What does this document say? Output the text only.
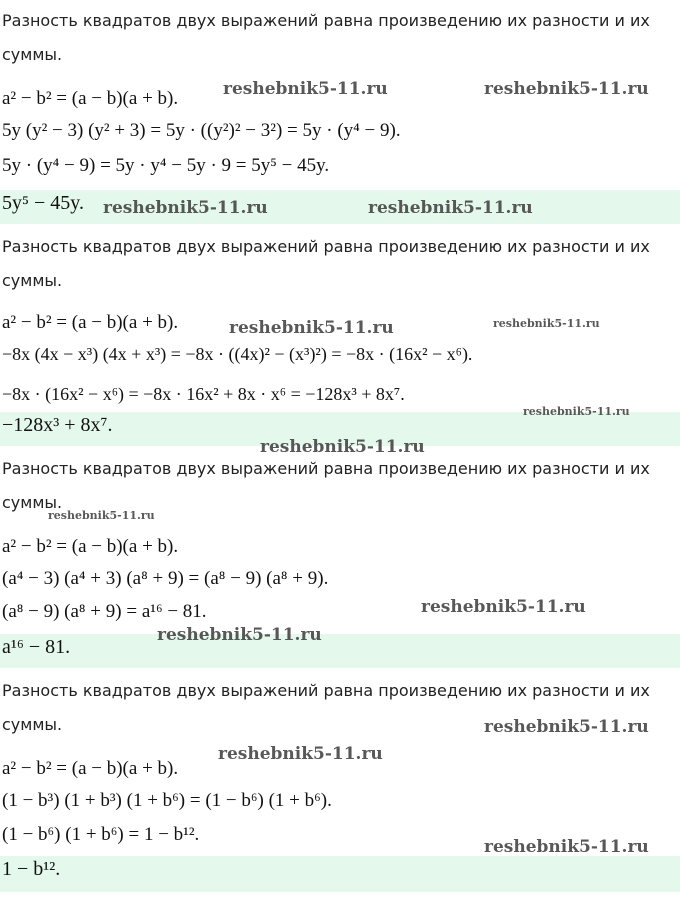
Разность квадратов двух выражений равна произведению их разности и их суммы.
a² − b² = (a − b)(a + b).
5y (y² − 3) (y² + 3) = 5y · ((y²)² − 3²) = 5y · (y⁴ − 9).
5y · (y⁴ − 9) = 5y · y⁴ − 5y · 9 = 5y⁵ − 45y.
5y⁵ − 45y.
Разность квадратов двух выражений равна произведению их разности и их суммы.
a² − b² = (a − b)(a + b).
−8x (4x − x³) (4x + x³) = −8x · ((4x)² − (x³)²) = −8x · (16x² − x⁶).
−8x · (16x² − x⁶) = −8x · 16x² + 8x · x⁶ = −128x³ + 8x⁷.
−128x³ + 8x⁷.
Разность квадратов двух выражений равна произведению их разности и их суммы.
a² − b² = (a − b)(a + b).
(a⁴ − 3) (a⁴ + 3) (a⁸ + 9) = (a⁸ − 9) (a⁸ + 9).
(a⁸ − 9) (a⁸ + 9) = a¹⁶ − 81.
a¹⁶ − 81.
Разность квадратов двух выражений равна произведению их разности и их суммы.
a² − b² = (a − b)(a + b).
(1 − b³) (1 + b³) (1 + b⁶) = (1 − b⁶) (1 + b⁶).
(1 − b⁶) (1 + b⁶) = 1 − b¹².
1 − b¹².
reshebnik5-11.ru	reshebnik5-11.ru
reshebnik5-11.ru	reshebnik5-11.ru
reshebnik5-11.ru	reshebnik5-11.ru
reshebnik5-11.ru
reshebnik5-11.ru
reshebnik5-11.ru
reshebnik5-11.ru
reshebnik5-11.ru
reshebnik5-11.ru
reshebnik5-11.ru
reshebnik5-11.ru
